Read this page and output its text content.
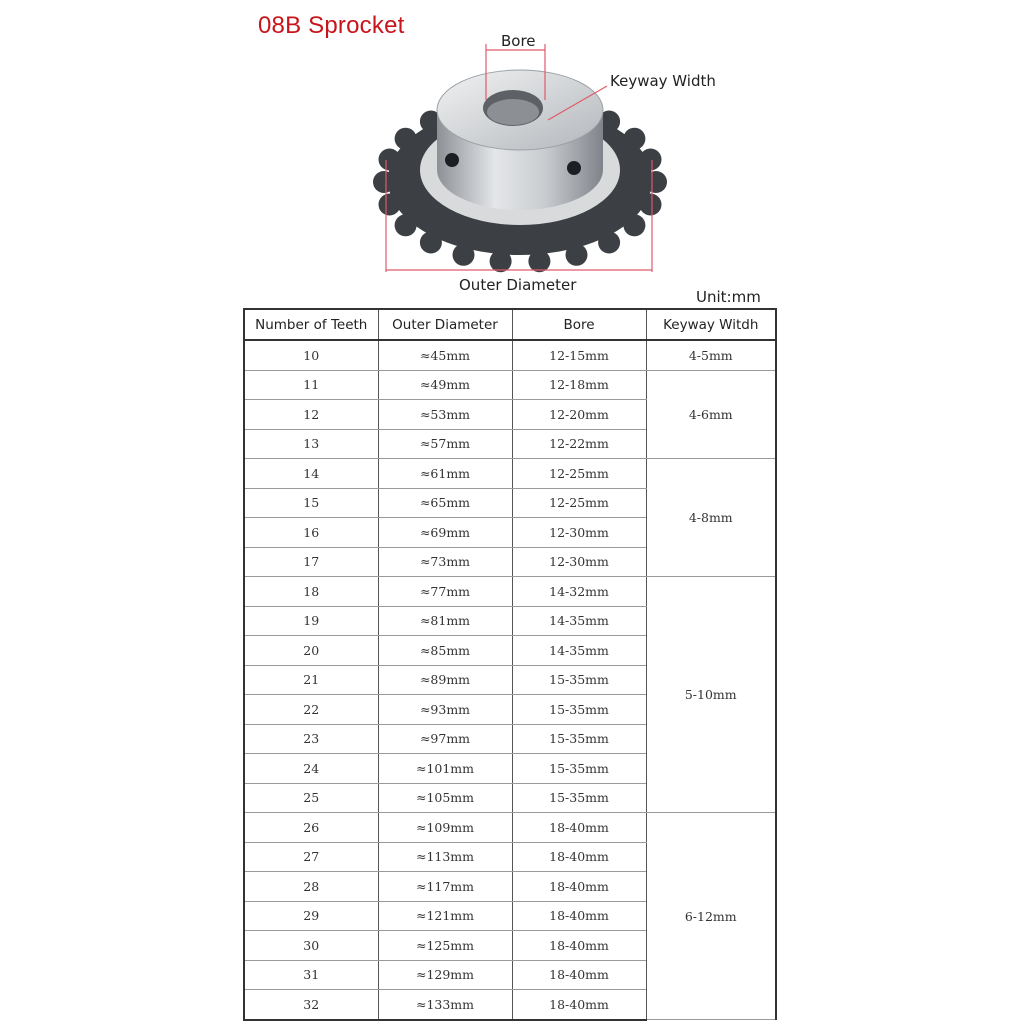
08B Sprocket
Bore
Keyway Width
Outer Diameter
Unit:mm
Number of Teeth	Outer Diameter	Bore	Keyway Witdh
10	≈45mm	12-15mm	4-5mm
11	≈49mm	12-18mm	4-6mm
12	≈53mm	12-20mm	
13	≈57mm	12-22mm	
14	≈61mm	12-25mm	4-8mm
15	≈65mm	12-25mm	
16	≈69mm	12-30mm	
17	≈73mm	12-30mm	
18	≈77mm	14-32mm	5-10mm
19	≈81mm	14-35mm	
20	≈85mm	14-35mm	
21	≈89mm	15-35mm	
22	≈93mm	15-35mm	
23	≈97mm	15-35mm	
24	≈101mm	15-35mm	
25	≈105mm	15-35mm	
26	≈109mm	18-40mm	6-12mm
27	≈113mm	18-40mm	
28	≈117mm	18-40mm	
29	≈121mm	18-40mm	
30	≈125mm	18-40mm	
31	≈129mm	18-40mm	
32	≈133mm	18-40mm	
